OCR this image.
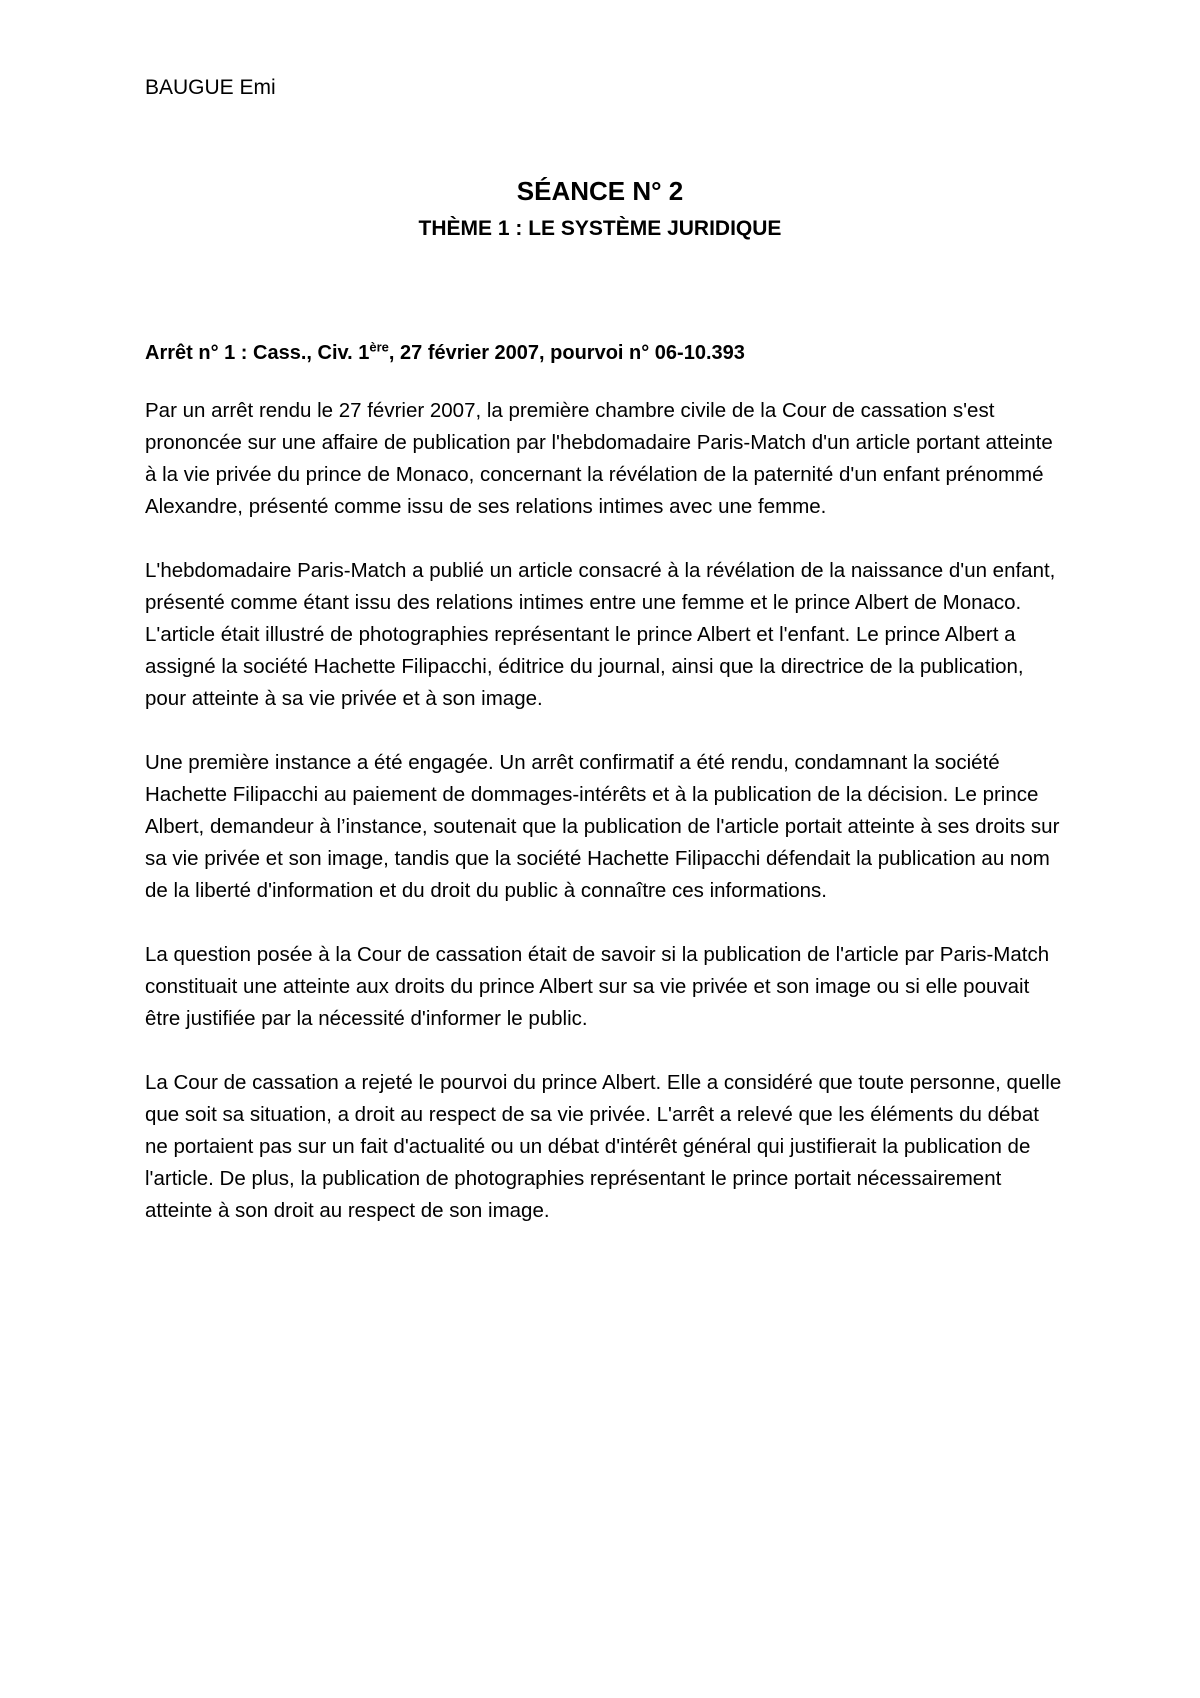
BAUGUE Emi

SÉANCE N° 2
THÈME 1 : LE SYSTÈME JURIDIQUE
Arrêt n° 1 : Cass., Civ. 1ère, 27 février 2007, pourvoi n° 06-10.393

Par un arrêt rendu le 27 février 2007, la première chambre civile de la Cour de cassation s'est prononcée sur une affaire de publication par l'hebdomadaire Paris-Match d'un article portant atteinte à la vie privée du prince de Monaco, concernant la révélation de la paternité d'un enfant prénommé Alexandre, présenté comme issu de ses relations intimes avec une femme.

L'hebdomadaire Paris-Match a publié un article consacré à la révélation de la naissance d'un enfant, présenté comme étant issu des relations intimes entre une femme et le prince Albert de Monaco. L'article était illustré de photographies représentant le prince Albert et l'enfant. Le prince Albert a assigné la société Hachette Filipacchi, éditrice du journal, ainsi que la directrice de la publication, pour atteinte à sa vie privée et à son image.

Une première instance a été engagée. Un arrêt confirmatif a été rendu, condamnant la société Hachette Filipacchi au paiement de dommages-intérêts et à la publication de la décision. Le prince Albert, demandeur à l’instance, soutenait que la publication de l'article portait atteinte à ses droits sur sa vie privée et son image, tandis que la société Hachette Filipacchi défendait la publication au nom de la liberté d'information et du droit du public à connaître ces informations.

La question posée à la Cour de cassation était de savoir si la publication de l'article par Paris-Match constituait une atteinte aux droits du prince Albert sur sa vie privée et son image ou si elle pouvait être justifiée par la nécessité d'informer le public.

La Cour de cassation a rejeté le pourvoi du prince Albert. Elle a considéré que toute personne, quelle que soit sa situation, a droit au respect de sa vie privée. L'arrêt a relevé que les éléments du débat ne portaient pas sur un fait d'actualité ou un débat d'intérêt général qui justifierait la publication de l'article. De plus, la publication de photographies représentant le prince portait nécessairement atteinte à son droit au respect de son image.
